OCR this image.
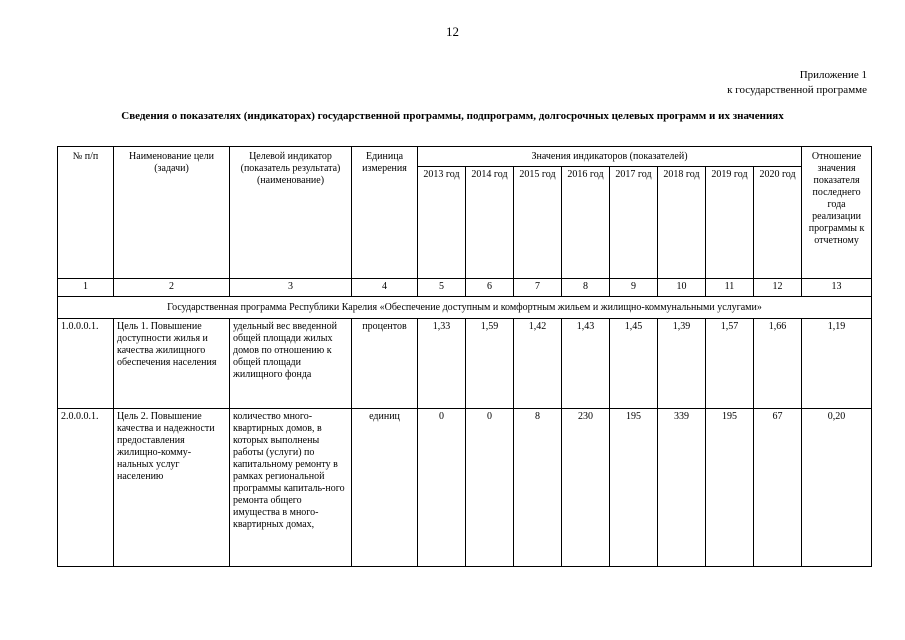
12
Приложение 1
к государственной программе
Сведения о показателях (индикаторах) государственной программы, подпрограмм, долгосрочных целевых программ и их значениях
№ п/п	Наименование цели (задачи)	Целевой индикатор (показатель результата) (наименование)	Единица измерения	Значения индикаторов (показателей)								Отношение значения показателя последнего года реализации программы к отчетному
				2013 год	2014 год	2015 год	2016 год	2017 год	2018 год	2019 год	2020 год	
1	2	3	4	5	6	7	8	9	10	11	12	13
Государственная программа Республики Карелия «Обеспечение доступным и комфортным жильем и жилищно-коммунальными услугами»												
1.0.0.0.1.	Цель 1. Повышение доступности жилья и качества жилищного обеспечения населения	удельный вес введенной общей площади жилых домов по отношению к общей площади жилищного фонда	процентов	1,33	1,59	1,42	1,43	1,45	1,39	1,57	1,66	1,19
2.0.0.0.1.	Цель 2. Повышение качества и надежности предоставления жилищно-комму-нальных услуг населению	количество много-квартирных домов, в которых выполнены работы (услуги) по капитальному ремонту в рамках региональной программы капиталь-ного ремонта общего имущества в много-квартирных домах,	единиц	0	0	8	230	195	339	195	67	0,20
